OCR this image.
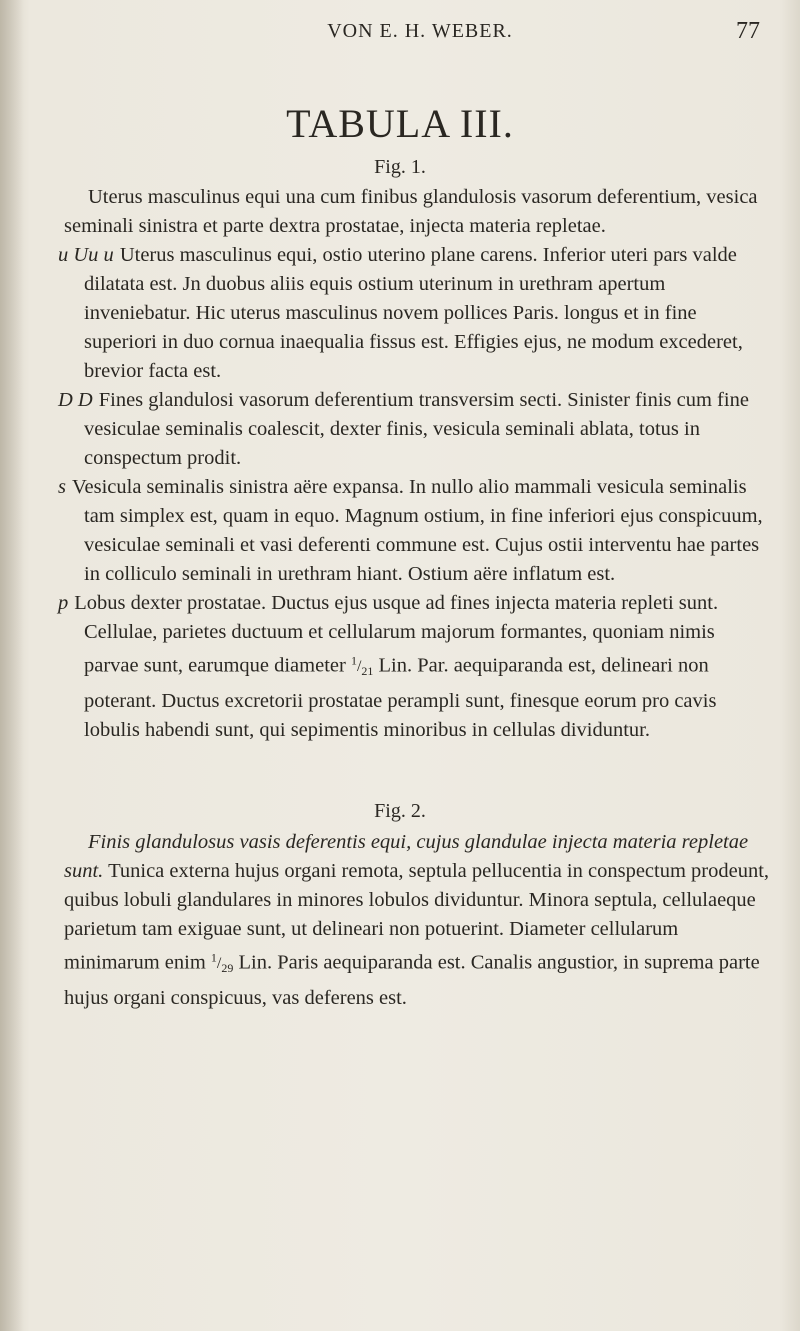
VON E. H. WEBER.	77
TABULA III.
Fig. 1.

Uterus masculinus equi una cum finibus glandulosis vasorum deferentium, vesica seminali sinistra et parte dextra prostatae, injecta materia repletae.

u Uu u Uterus masculinus equi, ostio uterino plane carens. Inferior uteri pars valde dilatata est. Jn duobus aliis equis ostium uterinum in urethram apertum inveniebatur. Hic uterus masculinus novem pollices Paris. longus et in fine superiori in duo cornua inaequalia fissus est. Effigies ejus, ne modum excederet, brevior facta est.

D D Fines glandulosi vasorum deferentium transversim secti. Sinister finis cum fine vesiculae seminalis coalescit, dexter finis, vesicula seminali ablata, totus in conspectum prodit.

s Vesicula seminalis sinistra aëre expansa. In nullo alio mammali vesicula seminalis tam simplex est, quam in equo. Magnum ostium, in fine inferiori ejus conspicuum, vesiculae seminali et vasi deferenti commune est. Cujus ostii interventu hae partes in colliculo seminali in urethram hiant. Ostium aëre inflatum est.

p Lobus dexter prostatae. Ductus ejus usque ad fines injecta materia repleti sunt. Cellulae, parietes ductuum et cellularum majorum formantes, quoniam nimis parvae sunt, earumque diameter $^1/_{21}$ Lin. Par. aequiparanda est, delineari non poterant. Ductus excretorii prostatae perampli sunt, finesque eorum pro cavis lobulis habendi sunt, qui sepimentis minoribus in cellulas dividuntur.

Fig. 2.

Finis glandulosus vasis deferentis equi, cujus glandulae injecta materia repletae sunt. Tunica externa hujus organi remota, septula pellucentia in conspectum prodeunt, quibus lobuli glandulares in minores lobulos dividuntur. Minora septula, cellulaeque parietum tam exiguae sunt, ut delineari non potuerint. Diameter cellularum minimarum enim $^1/_{29}$ Lin. Paris aequiparanda est. Canalis angustior, in suprema parte hujus organi conspicuus, vas deferens est.
